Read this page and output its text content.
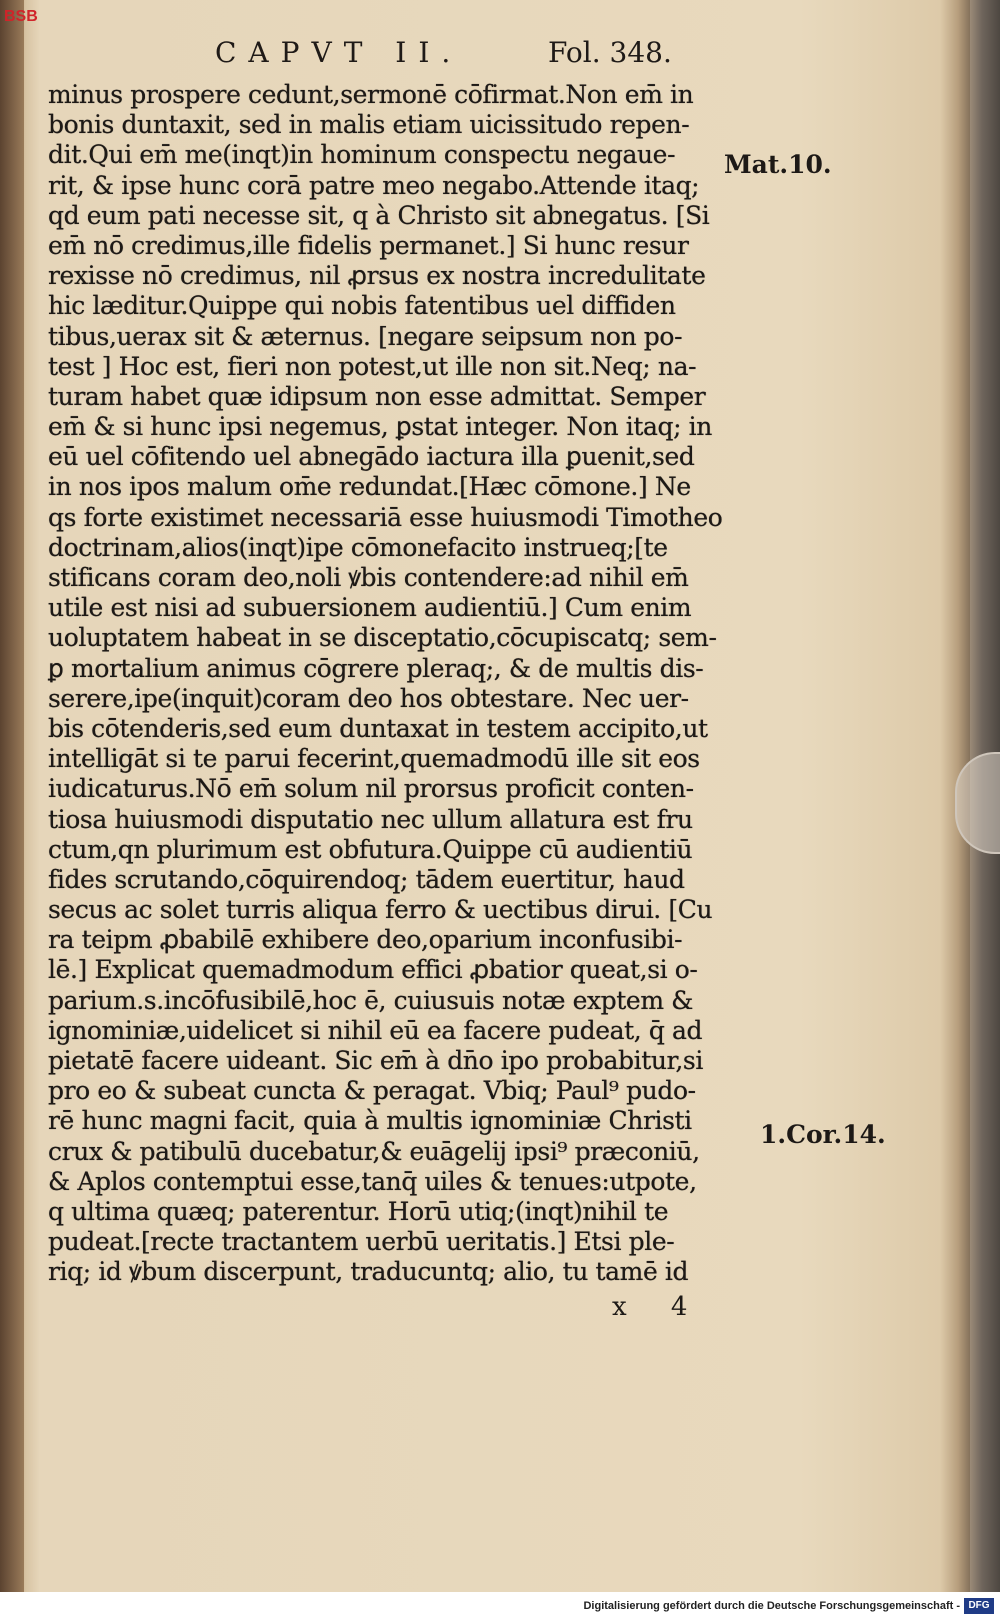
BSB
CAPVT II.	Fol. 348.
Mat.10.
1.Cor.14.
minus prospere cedunt,sermonē cōfirmat.Non em̄ in
bonis duntaxit, sed in malis etiam uicissitudo repen-
dit.Qui em̄ me(inqt)in hominum conspectu negaue-
rit, & ipse hunc corā patre meo negabo.Attende itaq;
qd eum pati necesse sit, q à Christo sit abnegatus. [Si
em̄ nō credimus,ille fidelis permanet.] Si hunc resur
rexisse nō credimus, nil ꝓrsus ex nostra incredulitate
hic læditur.Quippe qui nobis fatentibus uel diffiden
tibus,uerax sit & æternus. [negare seipsum non po-
test ] Hoc est, fieri non potest,ut ille non sit.Neq; na-
turam habet quæ idipsum non esse admittat. Semper
em̄ & si hunc ipsi negemus, ꝑstat integer. Non itaq; in
eū uel cōfitendo uel abnegādo iactura illa ꝑuenit,sed
in nos ipos malum om̄e redundat.[Hæc cōmone.] Ne
qs forte existimet necessariā esse huiusmodi Timotheo
doctrinam,alios(inqt)ipe cōmonefacito instrueq;[te
stificans coram deo,noli ꝟbis contendere:ad nihil em̄
utile est nisi ad subuersionem audientiū.] Cum enim
uoluptatem habeat in se disceptatio,cōcupiscatq; sem-
ꝑ mortalium animus cōgrere pleraq;, & de multis dis-
serere,ipe(inquit)coram deo hos obtestare. Nec uer-
bis cōtenderis,sed eum duntaxat in testem accipito,ut
intelligāt si te parui fecerint,quemadmodū ille sit eos
iudicaturus.Nō em̄ solum nil prorsus proficit conten-
tiosa huiusmodi disputatio nec ullum allatura est fru
ctum,qn plurimum est obfutura.Quippe cū audientiū
fides scrutando,cōquirendoq; tādem euertitur, haud
secus ac solet turris aliqua ferro & uectibus dirui. [Cu
ra teipm ꝓbabilē exhibere deo,oparium inconfusibi-
lē.] Explicat quemadmodum effici ꝓbatior queat,si o-
parium.s.incōfusibilē,hoc ē, cuiusuis notæ exptem &
ignominiæ,uidelicet si nihil eū ea facere pudeat, q̄ ad
pietatē facere uideant. Sic em̄ à dn̄o ipo probabitur,si
pro eo & subeat cuncta & peragat. Vbiq; Paul⁹ pudo-
rē hunc magni facit, quia à multis ignominiæ Christi
crux & patibulū ducebatur,& euāgelij ipsi⁹ præconiū,
& Aplos contemptui esse,tanq̄ uiles & tenues:utpote,
q ultima quæq; paterentur. Horū utiq;(inqt)nihil te
pudeat.[recte tractantem uerbū ueritatis.] Etsi ple-
riq; id ꝟbum discerpunt, traducuntq; alio, tu tamē id
x 4
Digitalisierung gefördert durch die Deutsche Forschungsgemeinschaft - DFG
